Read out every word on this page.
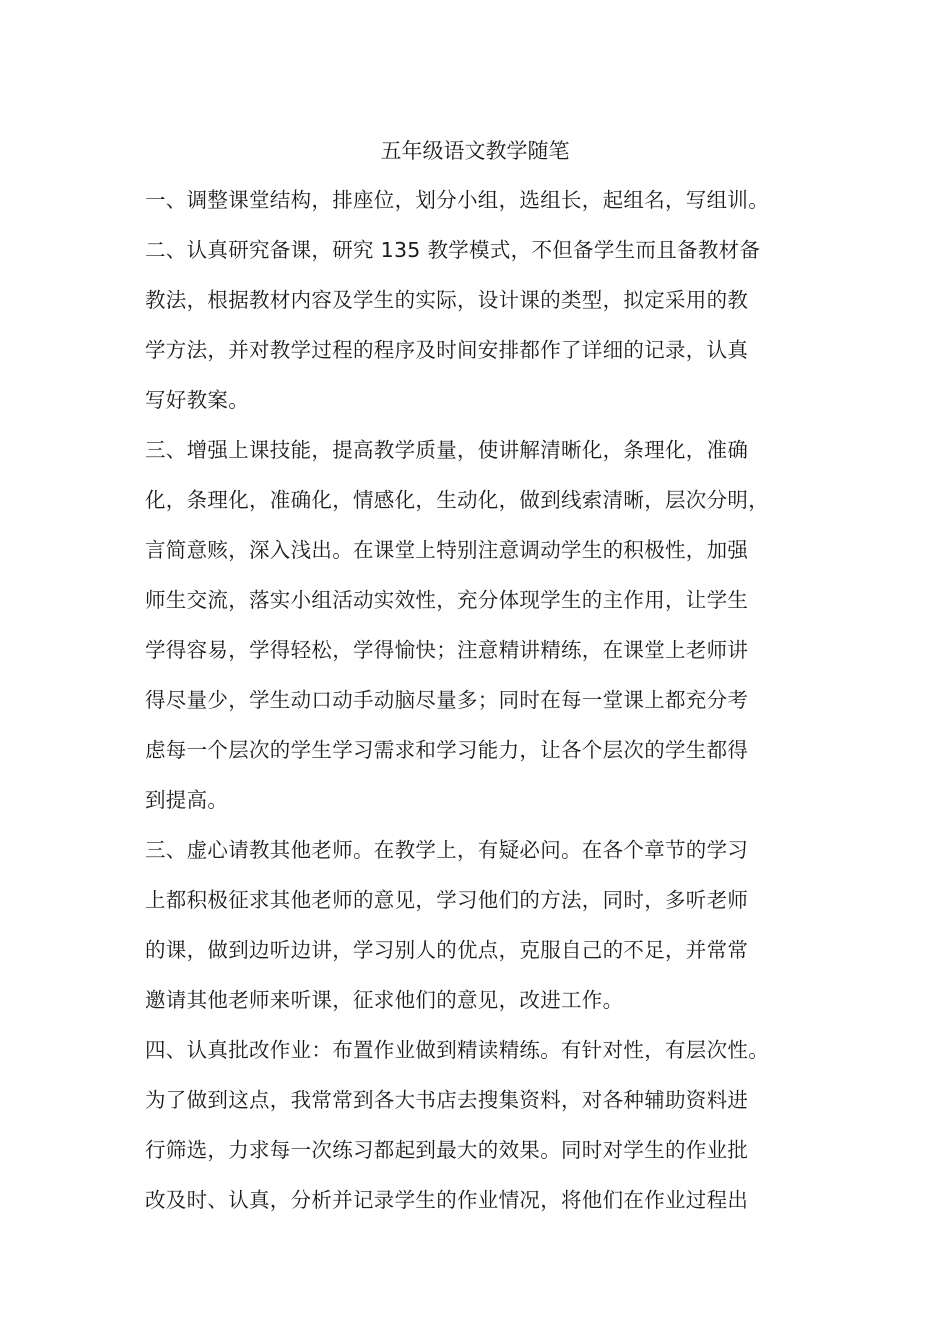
五年级语文教学随笔
一、调整课堂结构，排座位，划分小组，选组长，起组名，写组训。
二、认真研究备课，研究 135 教学模式，不但备学生而且备教材备
教法，根据教材内容及学生的实际，设计课的类型，拟定采用的教
学方法，并对教学过程的程序及时间安排都作了详细的记录，认真
写好教案。
三、增强上课技能，提高教学质量，使讲解清晰化，条理化，准确
化，条理化，准确化，情感化，生动化，做到线索清晰，层次分明，
言简意赅，深入浅出。在课堂上特别注意调动学生的积极性，加强
师生交流，落实小组活动实效性，充分体现学生的主作用，让学生
学得容易，学得轻松，学得愉快；注意精讲精练，在课堂上老师讲
得尽量少，学生动口动手动脑尽量多；同时在每一堂课上都充分考
虑每一个层次的学生学习需求和学习能力，让各个层次的学生都得
到提高。
三、虚心请教其他老师。在教学上，有疑必问。在各个章节的学习
上都积极征求其他老师的意见，学习他们的方法，同时，多听老师
的课，做到边听边讲，学习别人的优点，克服自己的不足，并常常
邀请其他老师来听课，征求他们的意见，改进工作。
四、认真批改作业：布置作业做到精读精练。有针对性，有层次性。
为了做到这点，我常常到各大书店去搜集资料，对各种辅助资料进
行筛选，力求每一次练习都起到最大的效果。同时对学生的作业批
改及时、认真，分析并记录学生的作业情况，将他们在作业过程出
